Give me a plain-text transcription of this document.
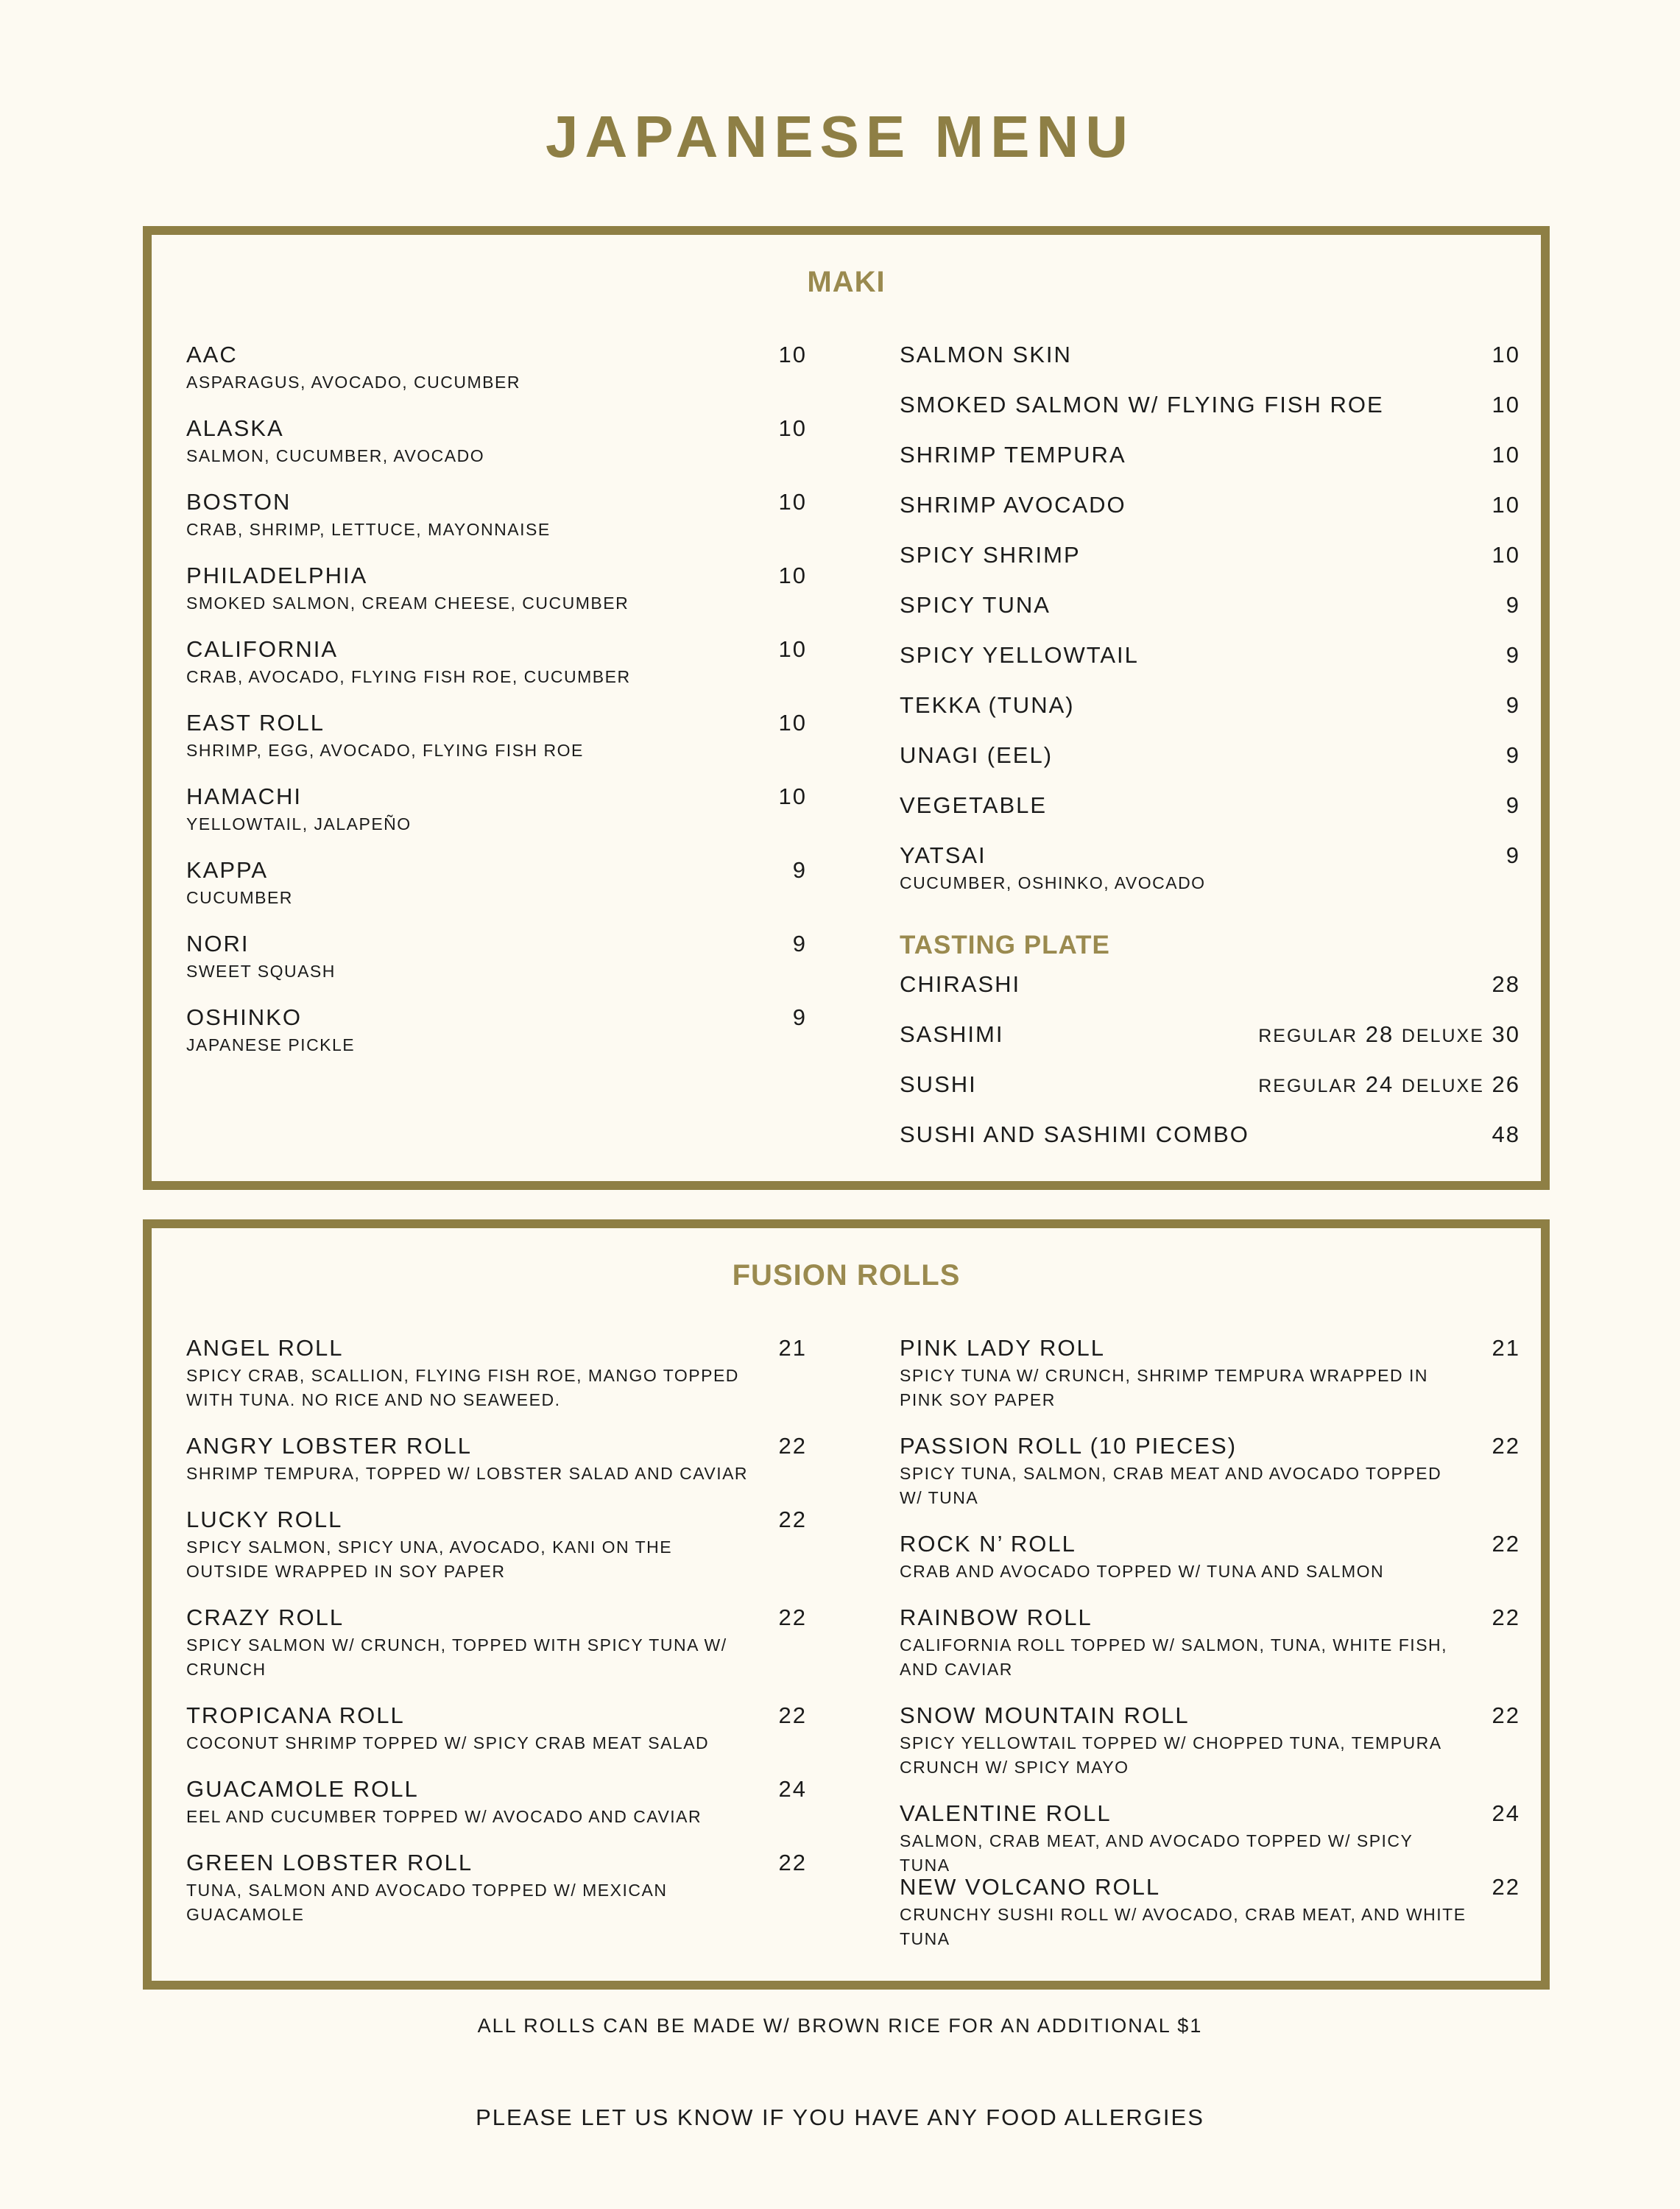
JAPANESE MENU
MAKI
AAC	10
ASPARAGUS, AVOCADO, CUCUMBER
ALASKA	10
SALMON, CUCUMBER, AVOCADO
BOSTON	10
CRAB, SHRIMP, LETTUCE, MAYONNAISE
PHILADELPHIA	10
SMOKED SALMON, CREAM CHEESE, CUCUMBER
CALIFORNIA	10
CRAB, AVOCADO, FLYING FISH ROE, CUCUMBER
EAST ROLL	10
SHRIMP, EGG, AVOCADO, FLYING FISH ROE
HAMACHI	10
YELLOWTAIL, JALAPEÑO
KAPPA	9
CUCUMBER
NORI	9
SWEET SQUASH
OSHINKO	9
JAPANESE PICKLE
SALMON SKIN	10
SMOKED SALMON W/ FLYING FISH ROE	10
SHRIMP TEMPURA	10
SHRIMP AVOCADO	10
SPICY SHRIMP	10
SPICY TUNA	9
SPICY YELLOWTAIL	9
TEKKA (TUNA)	9
UNAGI (EEL)	9
VEGETABLE	9
YATSAI	9
CUCUMBER, OSHINKO, AVOCADO
TASTING PLATE
CHIRASHI	28
SASHIMI	REGULAR 28 DELUXE 30
SUSHI	REGULAR 24 DELUXE 26
SUSHI AND SASHIMI COMBO	48
FUSION ROLLS
ANGEL ROLL	21
SPICY CRAB, SCALLION, FLYING FISH ROE, MANGO TOPPED WITH TUNA. NO RICE AND NO SEAWEED.
ANGRY LOBSTER ROLL	22
SHRIMP TEMPURA, TOPPED W/ LOBSTER SALAD AND CAVIAR
LUCKY ROLL	22
SPICY SALMON, SPICY UNA, AVOCADO, KANI ON THE OUTSIDE WRAPPED IN SOY PAPER
CRAZY ROLL	22
SPICY SALMON W/ CRUNCH, TOPPED WITH SPICY TUNA W/ CRUNCH
TROPICANA ROLL	22
COCONUT SHRIMP TOPPED W/ SPICY CRAB MEAT SALAD
GUACAMOLE ROLL	24
EEL AND CUCUMBER TOPPED W/ AVOCADO AND CAVIAR
GREEN LOBSTER ROLL	22
TUNA, SALMON AND AVOCADO TOPPED W/ MEXICAN GUACAMOLE
PINK LADY ROLL	21
SPICY TUNA W/ CRUNCH, SHRIMP TEMPURA WRAPPED IN PINK SOY PAPER
PASSION ROLL (10 PIECES)	22
SPICY TUNA, SALMON, CRAB MEAT AND AVOCADO TOPPED W/ TUNA
ROCK N’ ROLL	22
CRAB AND AVOCADO TOPPED W/ TUNA AND SALMON
RAINBOW ROLL	22
CALIFORNIA ROLL TOPPED W/ SALMON, TUNA, WHITE FISH, AND CAVIAR
SNOW MOUNTAIN ROLL	22
SPICY YELLOWTAIL TOPPED W/ CHOPPED TUNA, TEMPURA CRUNCH W/ SPICY MAYO
VALENTINE ROLL	24
SALMON, CRAB MEAT, AND AVOCADO TOPPED W/ SPICY TUNA
NEW VOLCANO ROLL	22
CRUNCHY SUSHI ROLL W/ AVOCADO, CRAB MEAT, AND WHITE TUNA
ALL ROLLS CAN BE MADE W/ BROWN RICE FOR AN ADDITIONAL $1
PLEASE LET US KNOW IF YOU HAVE ANY FOOD ALLERGIES
